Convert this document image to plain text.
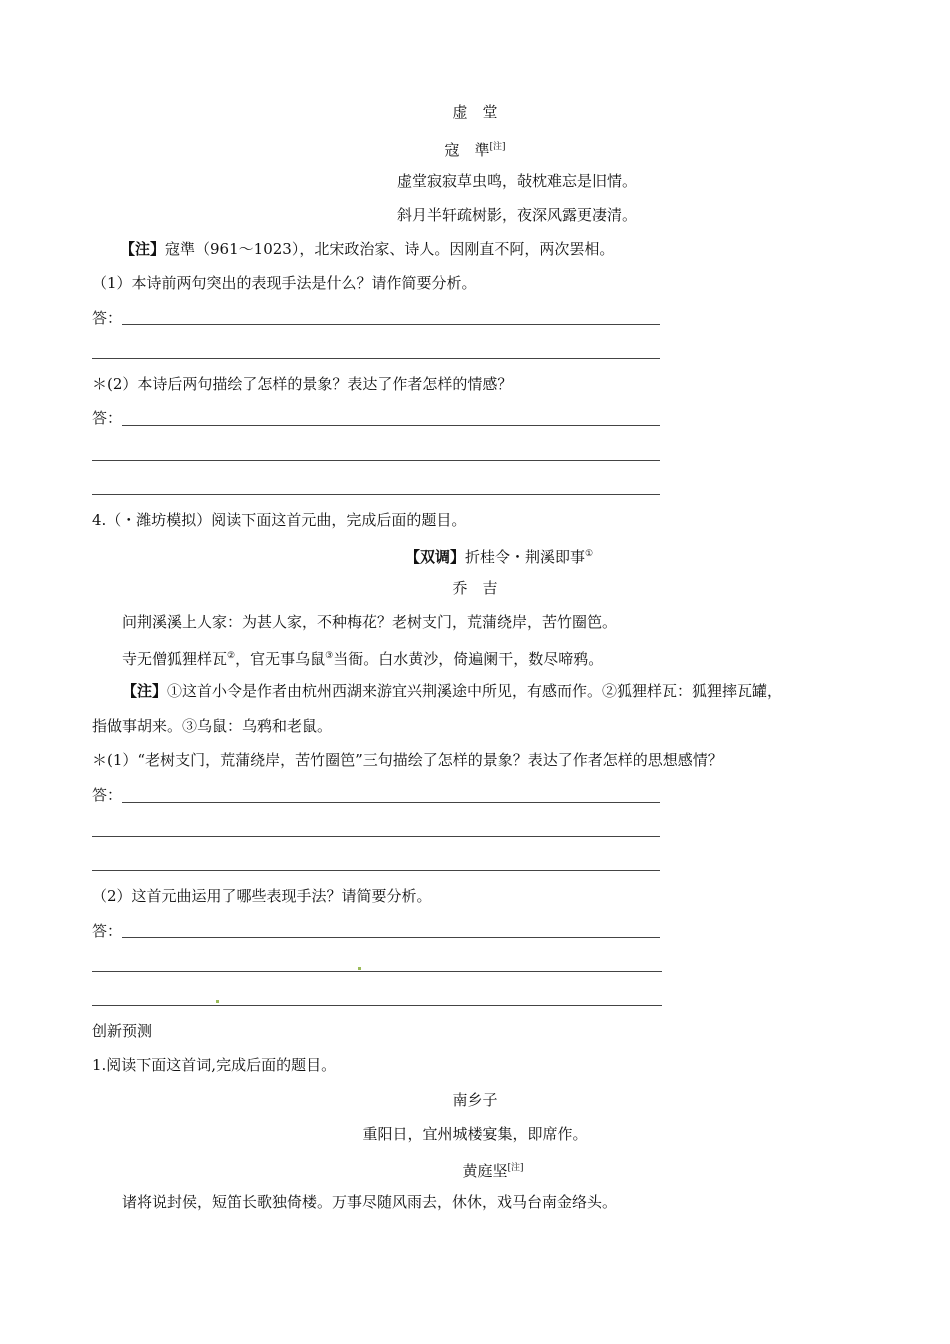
虚　堂
寇　準[注]
虚堂寂寂草虫鸣，敧枕难忘是旧情。
斜月半轩疏树影，夜深风露更凄清。
【注】寇準（961～1023），北宋政治家、诗人。因刚直不阿，两次罢相。
（1）本诗前两句突出的表现手法是什么？请作简要分析。
答：
＊(2）本诗后两句描绘了怎样的景象？表达了作者怎样的情感？
答：
4.（・潍坊模拟）阅读下面这首元曲，完成后面的题目。
【双调】折桂令・荆溪即事①
乔　吉
问荆溪溪上人家：为甚人家，不种梅花？老树支门，荒蒲绕岸，苦竹圈笆。
寺无僧狐狸样瓦②，官无事乌鼠③当衙。白水黄沙，倚遍阑干，数尽啼鸦。
【注】①这首小令是作者由杭州西湖来游宜兴荆溪途中所见，有感而作。②狐狸样瓦：狐狸摔瓦罐，
指做事胡来。③乌鼠：乌鸦和老鼠。
＊(1）“老树支门，荒蒲绕岸，苦竹圈笆”三句描绘了怎样的景象？表达了作者怎样的思想感情？
答：
（2）这首元曲运用了哪些表现手法？请简要分析。
答：
创新预测
1.阅读下面这首词,完成后面的题目。
南乡子
重阳日，宜州城楼宴集，即席作。
黄庭坚[注]
诸将说封侯，短笛长歌独倚楼。万事尽随风雨去，休休，戏马台南金络头。
